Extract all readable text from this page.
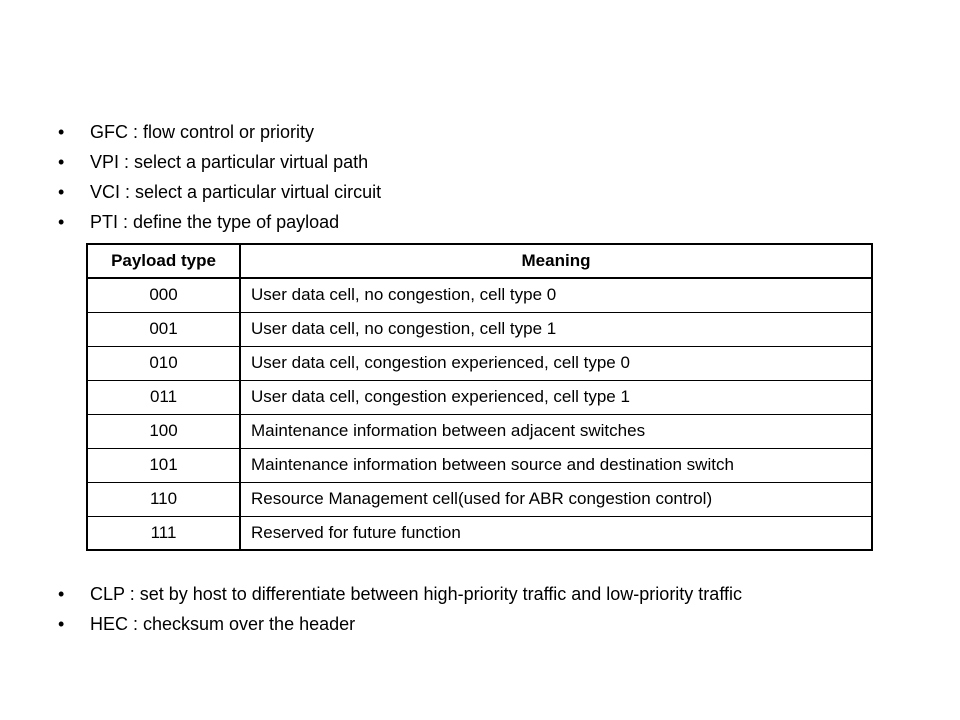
•	GFC : flow control or priority
•	VPI : select a particular virtual path
•	VCI : select a particular virtual circuit
•	PTI : define the type of payload
Payload type	Meaning
000	User data cell, no congestion, cell type 0
001	User data cell, no congestion, cell type 1
010	User data cell, congestion experienced, cell type 0
011	User data cell, congestion experienced, cell type 1
100	Maintenance information between adjacent switches
101	Maintenance information between source and destination switch
110	Resource Management cell(used for ABR congestion control)
111	Reserved for future function
•	CLP : set by host to differentiate between high-priority traffic and low-priority traffic
•	HEC : checksum over the header
